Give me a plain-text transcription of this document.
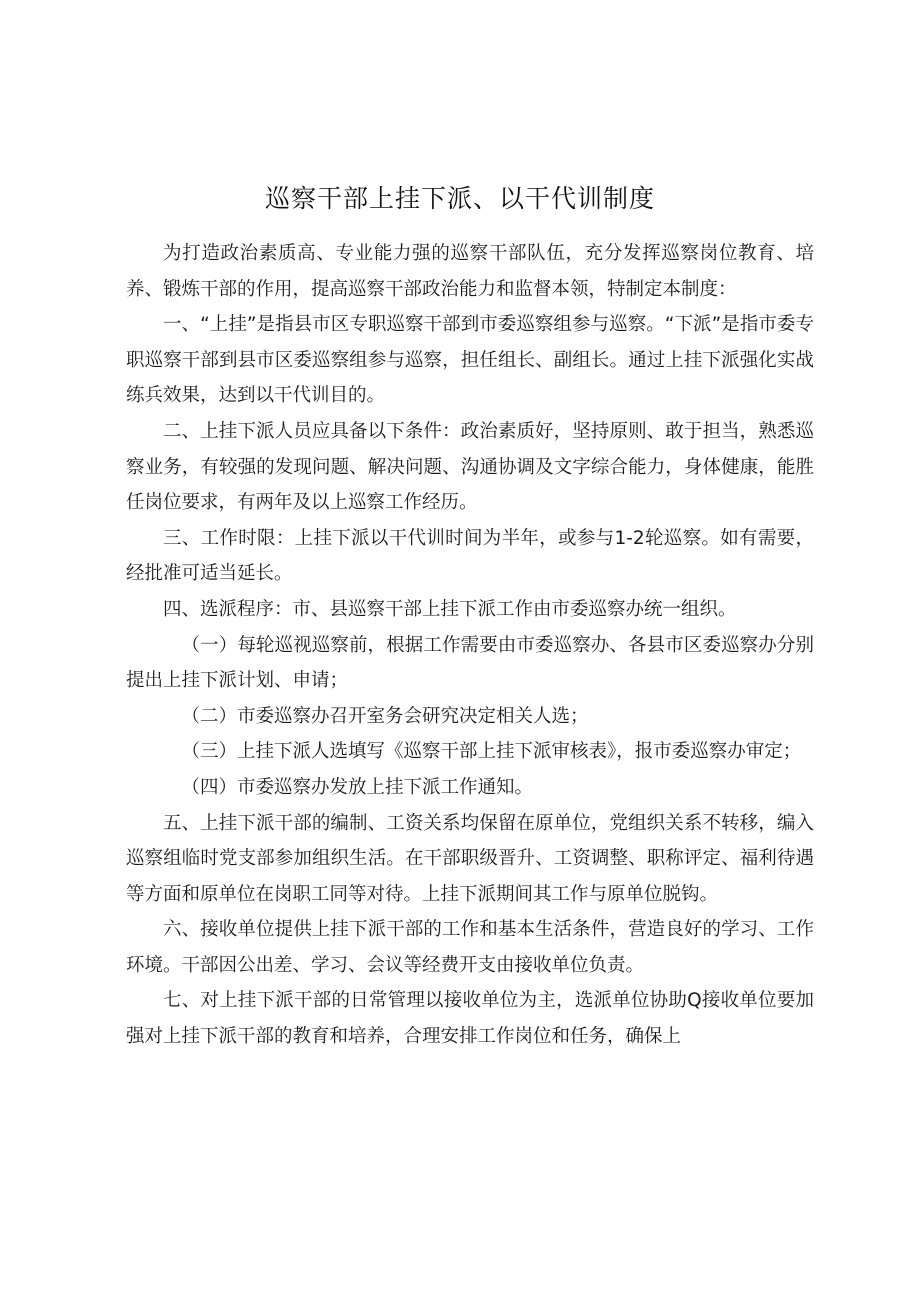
巡察干部上挂下派、以干代训制度

为打造政治素质高、专业能力强的巡察干部队伍，充分发挥巡察岗位教育、培养、锻炼干部的作用，提高巡察干部政治能力和监督本领，特制定本制度：

一、“上挂”是指县市区专职巡察干部到市委巡察组参与巡察。“下派”是指市委专职巡察干部到县市区委巡察组参与巡察，担任组长、副组长。通过上挂下派强化实战练兵效果，达到以干代训目的。

二、上挂下派人员应具备以下条件：政治素质好，坚持原则、敢于担当，熟悉巡察业务，有较强的发现问题、解决问题、沟通协调及文字综合能力，身体健康，能胜任岗位要求，有两年及以上巡察工作经历。

三、工作时限：上挂下派以干代训时间为半年，或参与1-2轮巡察。如有需要，经批准可适当延长。

四、选派程序：市、县巡察干部上挂下派工作由市委巡察办统一组织。

（一）每轮巡视巡察前，根据工作需要由市委巡察办、各县市区委巡察办分别提出上挂下派计划、申请；

（二）市委巡察办召开室务会研究决定相关人选；

（三）上挂下派人选填写《巡察干部上挂下派审核表》，报市委巡察办审定；

（四）市委巡察办发放上挂下派工作通知。

五、上挂下派干部的编制、工资关系均保留在原单位，党组织关系不转移，编入巡察组临时党支部参加组织生活。在干部职级晋升、工资调整、职称评定、福利待遇等方面和原单位在岗职工同等对待。上挂下派期间其工作与原单位脱钩。

六、接收单位提供上挂下派干部的工作和基本生活条件，营造良好的学习、工作环境。干部因公出差、学习、会议等经费开支由接收单位负责。

七、对上挂下派干部的日常管理以接收单位为主，选派单位协助Q接收单位要加强对上挂下派干部的教育和培养，合理安排工作岗位和任务，确保上
